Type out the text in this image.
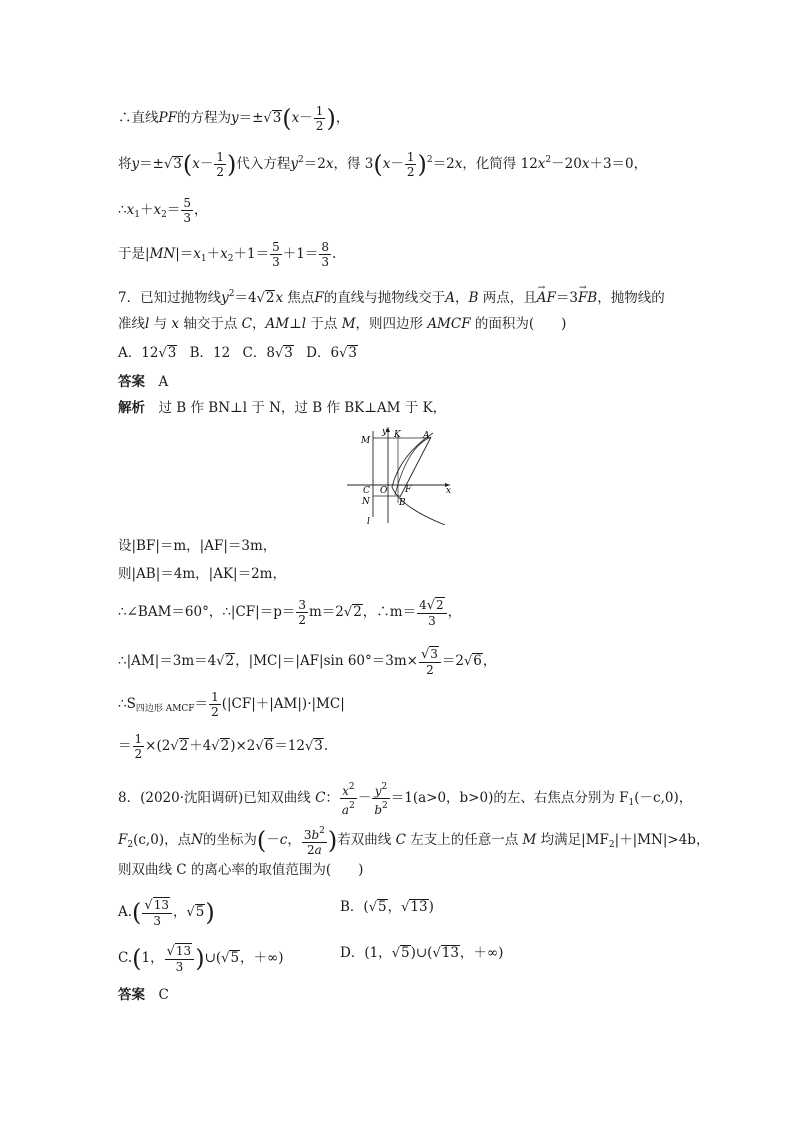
∴直线PF的方程为$y=\pm√3(x- \frac{1}{2}$ )，
将$y=\pm√3(x- \frac{1}{2}$ )代入方程$y^2=2x$，得 $3(x- \frac{1}{2} )^2=2x$，化简得 $12x^2-20x+3=0$，
$\therefore x_1+x_2= \frac{5}{3}$ ，
于是$|MN|=x_1+x_2+1= \frac{5}{3} +1= \frac{8}{3}$ .
7．已知过抛物线$y^2=4√2x$ 焦点F的直线与抛物线交于A，B 两点，且→ AF＝3→ FB，抛物线的
准线l 与 x 轴交于点 C，AM⊥l 于点 M，则四边形 AMCF 的面积为(　　)
A．12√3 B．12 C．8√3 D．6√3
答案　 A
解析　 过 B 作 BN⊥l 于 N，过 B 作 BK⊥AM 于 K，
y
x
M
K A
C O F
N	B
l
设|BF|＝m，|AF|＝3m，
则|AB|＝4m，|AK|＝2m，
∴∠BAM＝60°，∴|CF|＝p＝ $\frac{3}{2} m=2√2$，∴m＝ $\frac{4√2}{3}$ ，
∴|AM|＝3m＝4√2，|MC|＝|AF|sin $60^\circ=3m\times \frac{√3}{2} =2√6$，
$\therefore S_{四边形 AMCF}= \frac{1}{2} (|CF|+|AM|)\cdot|MC|$
＝ $\frac{1}{2} \times(2√2+4√2)\times 2√6=12√3$.
8．(2020·沈阳调研)已知双曲线 C： $\frac{x^2}{a^2} - \frac{y^2}{b^2} =1(a>0$，b>0)的左、右焦点分别为 $F_1(-c,0)$，
$F_2(c,0)$，点N的坐标为(－c， $\frac{3b^2}{2a}$ )若双曲线 C 左支上的任意一点 M 均满足$|MF_2|+|MN|>4b$，
则双曲线 C 的离心率的取值范围为(　　)
$A.( \frac{√13}{3}$ ，√5)	B．(√5，√13)
C.(1， $\frac{√13}{3}$ )∪(√5，＋∞)	D．(1，√5)∪(√13，＋∞)
答案　 C
